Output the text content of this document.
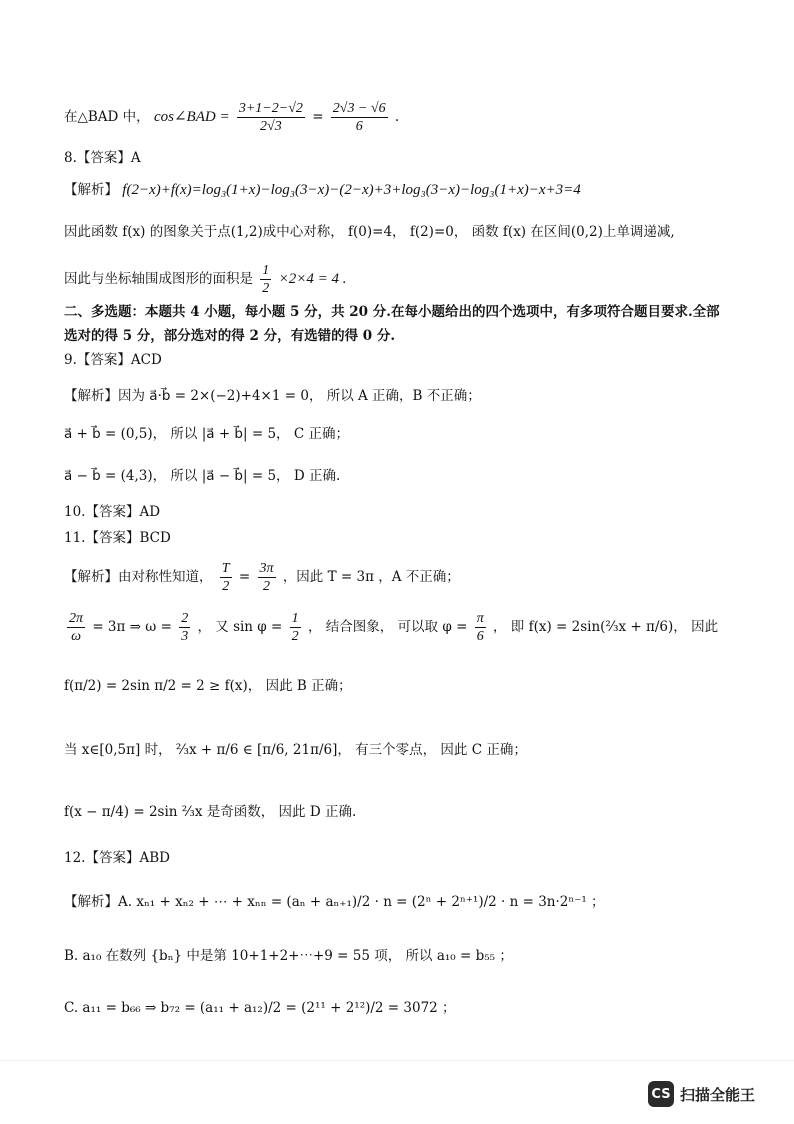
在△BAD 中， cos∠BAD = $\frac{3+1-2-√2}{2√3} = \frac{2√3 - √6}{6}$ .
8.【答案】A
【解析】 f(2−x)+f(x)=log₃(1+x)−log₃(3−x)−(2−x)+3+log₃(3−x)−log₃(1+x)−x+3=4
因此函数 f(x) 的图象关于点(1,2)成中心对称， f(0)=4， f(2)=0， 函数 f(x) 在区间(0,2)上单调递减,
因此与坐标轴围成图形的面积是 $\frac{1}{2} \times 2\times 4 = 4$ .
二、多选题：本题共 4 小题，每小题 5 分，共 20 分.在每小题给出的四个选项中，有多项符合题目要求.全部
选对的得 5 分，部分选对的得 2 分，有选错的得 0 分.
9.【答案】ACD
【解析】因为 a⃗·b⃗ = 2×(−2)+4×1 = 0， 所以 A 正确，B 不正确；
a⃗ + b⃗ = (0,5)， 所以 |a⃗ + b⃗| = 5， C 正确；
a⃗ − b⃗ = (4,3)， 所以 |a⃗ − b⃗| = 5， D 正确.
10.【答案】AD
11.【答案】BCD
【解析】由对称性知道， $\frac{T}{2} = \frac{3\pi}{2}$ ，因此 T = 3π ，A 不正确；
$\frac{2\pi}{\omega} = 3\pi$ ⇒ $\omega = \frac{2}{3}$ ， 又 $\sin \varphi = \frac{1}{2}$ ， 结合图象， 可以取 $\varphi = \frac{\pi}{6}$ ， 即 f(x) = 2sin(⅔x + π/6)， 因此
f(π/2) = 2sin π/2 = 2 ≥ f(x)， 因此 B 正确；
当 x∈[0,5π] 时， ⅔x + π/6 ∈ [π/6, 21π/6]， 有三个零点， 因此 C 正确；
f(x − π/4) = 2sin ⅔x 是奇函数， 因此 D 正确.
12.【答案】ABD
【解析】A. xₙ₁ + xₙ₂ + ⋯ + xₙₙ = (aₙ + aₙ₊₁)/2 · n = (2ⁿ + 2ⁿ⁺¹)/2 · n = 3n·2ⁿ⁻¹ ；
B. a₁₀ 在数列 {bₙ} 中是第 10+1+2+⋯+9 = 55 项， 所以 a₁₀ = b₅₅ ；
C. a₁₁ = b₆₆ ⇒ b₇₂ = (a₁₁ + a₁₂)/2 = (2¹¹ + 2¹²)/2 = 3072 ；
CS 扫描全能王
